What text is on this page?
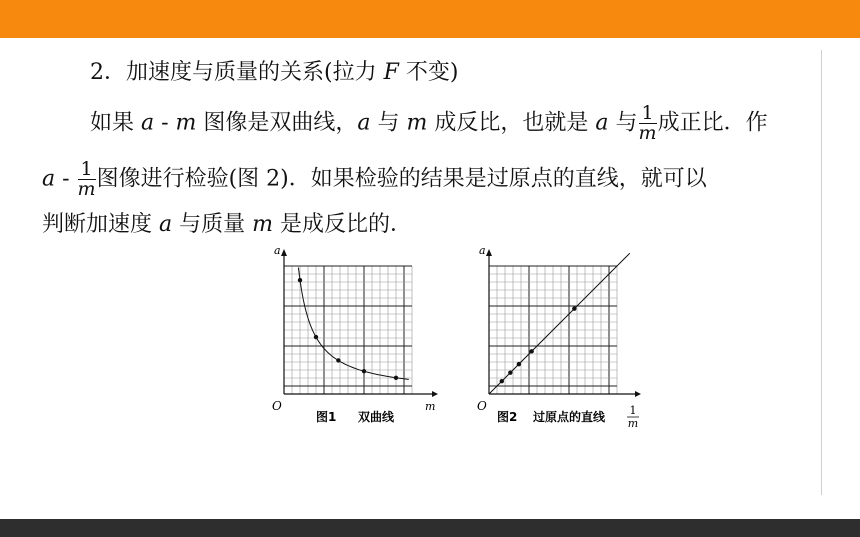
2．加速度与质量的关系(拉力 F 不变)
如果 a - m 图像是双曲线，a 与 m 成反比，也就是 a 与 $\frac{1}{m}$ 成正比．作
a - $\frac{1}{m}$ 图像进行检验(图 2)．如果检验的结果是过原点的直线，就可以
判断加速度 a 与质量 m 是成反比的．
a
O	m
图1 双曲线
a
O
图2 过原点的直线 1
m
